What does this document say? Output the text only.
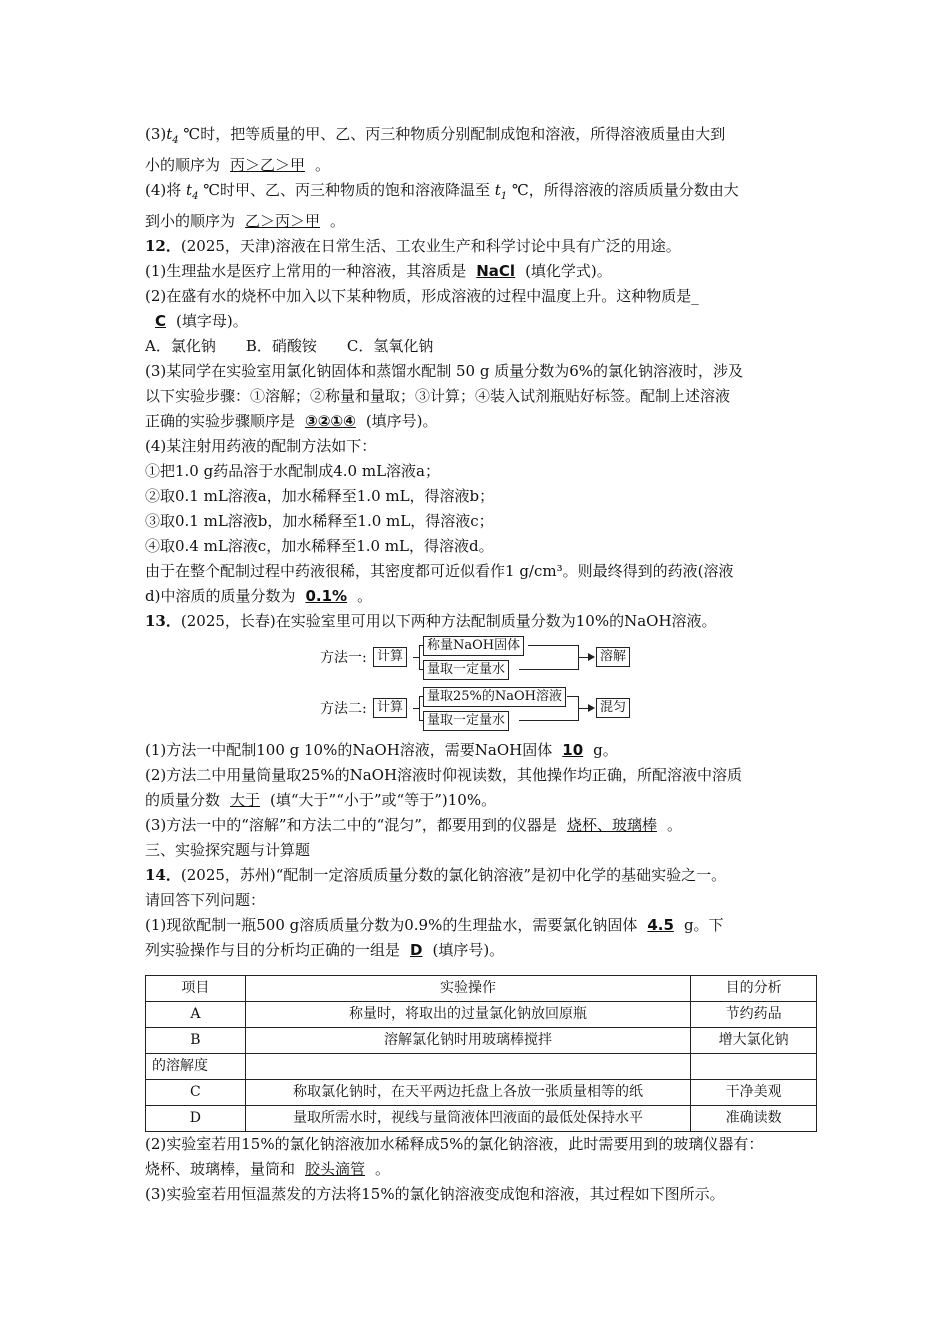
$(3)t_4$ ℃时，把等质量的甲、乙、丙三种物质分别配制成饱和溶液，所得溶液质量由大到
小的顺序为 丙＞乙＞甲 。
(4)将 $t_4$ ℃时甲、乙、丙三种物质的饱和溶液降温至 $t_1$ ℃，所得溶液的溶质质量分数由大
到小的顺序为 乙＞丙＞甲 。
12．(2025，天津)溶液在日常生活、工农业生产和科学讨论中具有广泛的用途。
(1)生理盐水是医疗上常用的一种溶液，其溶质是 NaCl (填化学式)。
(2)在盛有水的烧杯中加入以下某种物质，形成溶液的过程中温度上升。这种物质是_
C (填字母)。
A．氯化钠　　B．硝酸铵　　C．氢氧化钠
(3)某同学在实验室用氯化钠固体和蒸馏水配制 50 g 质量分数为6%的氯化钠溶液时，涉及
以下实验步骤：①溶解；②称量和量取；③计算；④装入试剂瓶贴好标签。配制上述溶液
正确的实验步骤顺序是 ③②①④ (填序号)。
(4)某注射用药液的配制方法如下：
①把1.0 g药品溶于水配制成4.0 mL溶液a；
②取0.1 mL溶液a，加水稀释至1.0 mL，得溶液b；
③取0.1 mL溶液b，加水稀释至1.0 mL，得溶液c；
④取0.4 mL溶液c，加水稀释至1.0 mL，得溶液d。
由于在整个配制过程中药液很稀，其密度都可近似看作1 g/cm³。则最终得到的药液(溶液
d)中溶质的质量分数为 0.1% 。
13．(2025，长春)在实验室里可用以下两种方法配制质量分数为10%的NaOH溶液。
方法一: 计算
称量NaOH固体
量取一定量水
溶解
方法二: 计算
量取25%的NaOH溶液
量取一定量水
混匀
(1)方法一中配制100 g 10%的NaOH溶液，需要NaOH固体 10 g。
(2)方法二中用量筒量取25%的NaOH溶液时仰视读数，其他操作均正确，所配溶液中溶质
的质量分数 大于 (填“大于”“小于”或“等于”)10%。
(3)方法一中的“溶解”和方法二中的“混匀”，都要用到的仪器是 烧杯、玻璃棒 。
三、实验探究题与计算题
14．(2025，苏州)“配制一定溶质质量分数的氯化钠溶液”是初中化学的基础实验之一。
请回答下列问题：
(1)现欲配制一瓶500 g溶质质量分数为0.9%的生理盐水，需要氯化钠固体 4.5 g。下
列实验操作与目的分析均正确的一组是 D (填序号)。
项目	实验操作	目的分析
A	称量时，将取出的过量氯化钠放回原瓶	节约药品
B	溶解氯化钠时用玻璃棒搅拌	增大氯化钠
的溶解度		
C	称取氯化钠时，在天平两边托盘上各放一张质量相等的纸	干净美观
D	量取所需水时，视线与量筒液体凹液面的最低处保持水平	准确读数
(2)实验室若用15%的氯化钠溶液加水稀释成5%的氯化钠溶液，此时需要用到的玻璃仪器有：
烧杯、玻璃棒，量筒和 胶头滴管 。
(3)实验室若用恒温蒸发的方法将15%的氯化钠溶液变成饱和溶液，其过程如下图所示。
